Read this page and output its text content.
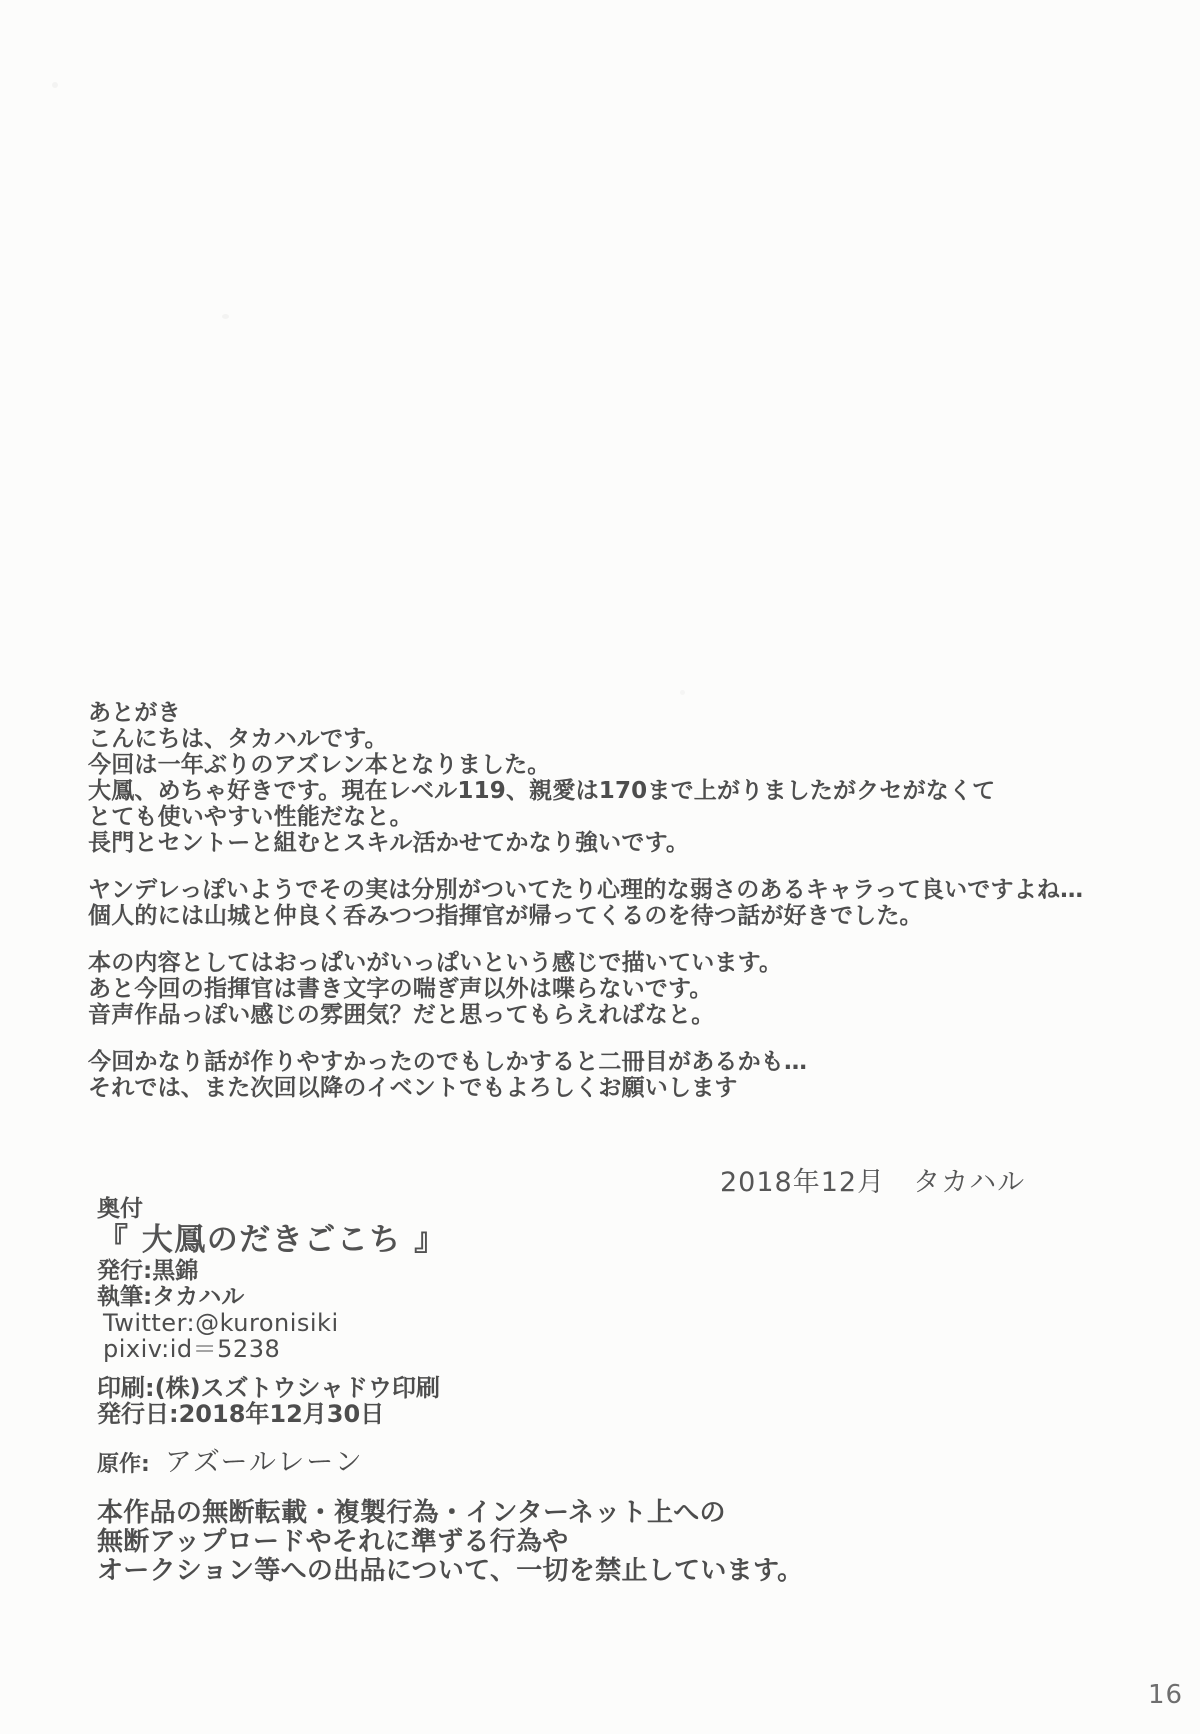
あとがき
こんにちは、タカハルです。
今回は一年ぶりのアズレン本となりました。
大鳳、めちゃ好きです。現在レベル119、親愛は170まで上がりましたがクセがなくて
とても使いやすい性能だなと。
長門とセントーと組むとスキル活かせてかなり強いです。
ヤンデレっぽいようでその実は分別がついてたり心理的な弱さのあるキャラって良いですよね…
個人的には山城と仲良く呑みつつ指揮官が帰ってくるのを待つ話が好きでした。
本の内容としてはおっぱいがいっぱいという感じで描いています。
あと今回の指揮官は書き文字の喘ぎ声以外は喋らないです。
音声作品っぽい感じの雰囲気？だと思ってもらえればなと。
今回かなり話が作りやすかったのでもしかすると二冊目があるかも…
それでは、また次回以降のイベントでもよろしくお願いします
2018年12月　タカハル
奥付
『 大鳳のだきごこち 』
発行:黒錦
執筆:タカハル
Twitter:@kuronisiki
pixiv:id＝5238
印刷:(株)スズトウシャドウ印刷
発行日:2018年12月30日
原作: アズールレーン
本作品の無断転載・複製行為・インターネット上への
無断アップロードやそれに準ずる行為や
オークション等への出品について、一切を禁止しています。
16
